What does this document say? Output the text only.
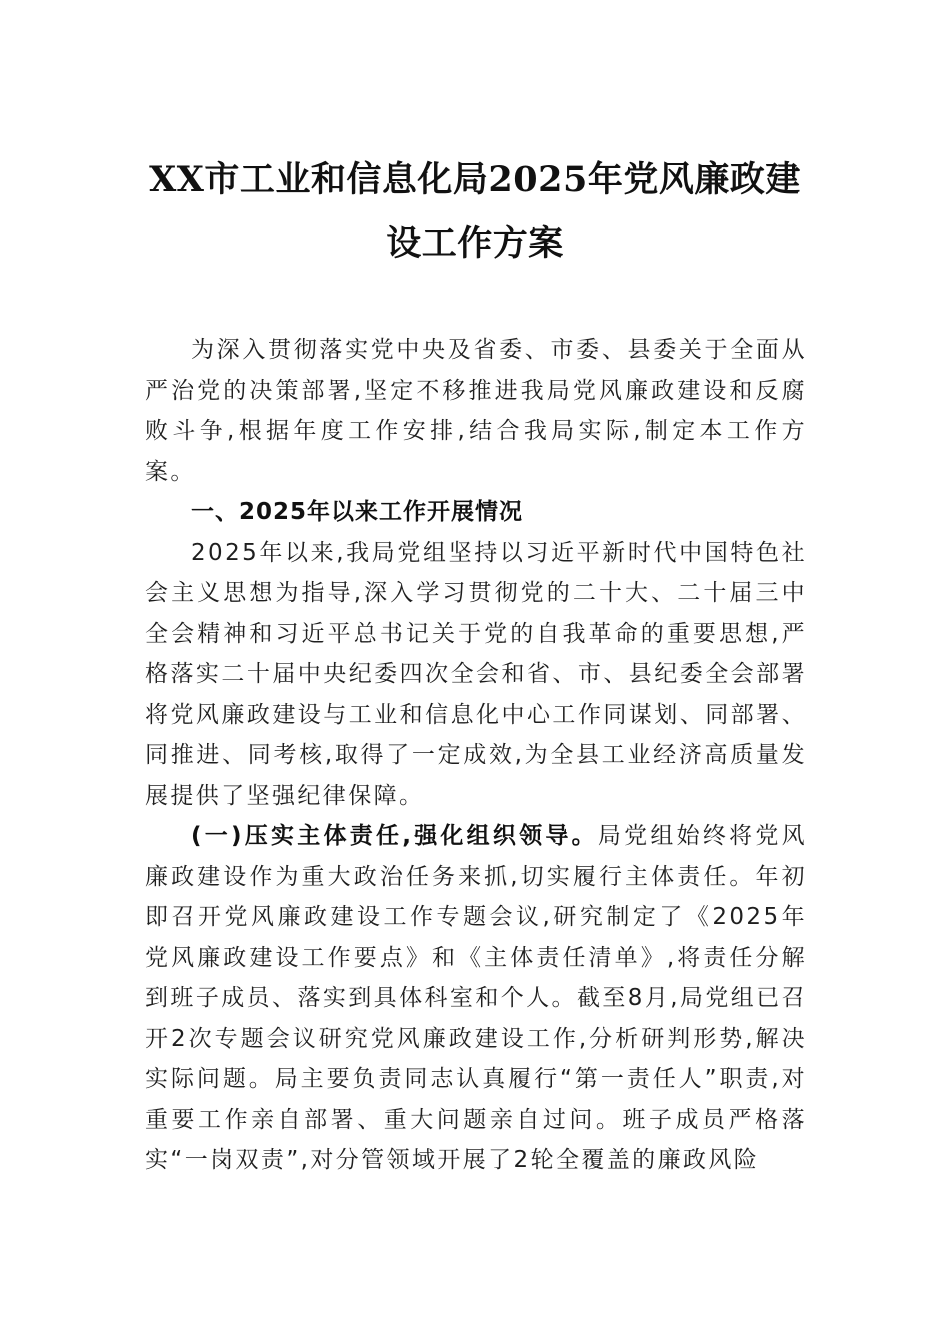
XX市工业和信息化局2025年党风廉政建
设工作方案

为深入贯彻落实党中央及省委、市委、县委关于全面从严治党的决策部署,坚定不移推进我局党风廉政建设和反腐败斗争,根据年度工作安排,结合我局实际,制定本工作方案。

一、2025年以来工作开展情况

2025年以来,我局党组坚持以习近平新时代中国特色社会主义思想为指导,深入学习贯彻党的二十大、二十届三中全会精神和习近平总书记关于党的自我革命的重要思想,严格落实二十届中央纪委四次全会和省、市、县纪委全会部署将党风廉政建设与工业和信息化中心工作同谋划、同部署、同推进、同考核,取得了一定成效,为全县工业经济高质量发展提供了坚强纪律保障。

(一)压实主体责任,强化组织领导。局党组始终将党风廉政建设作为重大政治任务来抓,切实履行主体责任。年初即召开党风廉政建设工作专题会议,研究制定了《2025年党风廉政建设工作要点》和《主体责任清单》,将责任分解到班子成员、落实到具体科室和个人。截至8月,局党组已召开2次专题会议研究党风廉政建设工作,分析研判形势,解决实际问题。局主要负责同志认真履行“第一责任人”职责,对重要工作亲自部署、重大问题亲自过问。班子成员严格落实“一岗双责”,对分管领域开展了2轮全覆盖的廉政风险
